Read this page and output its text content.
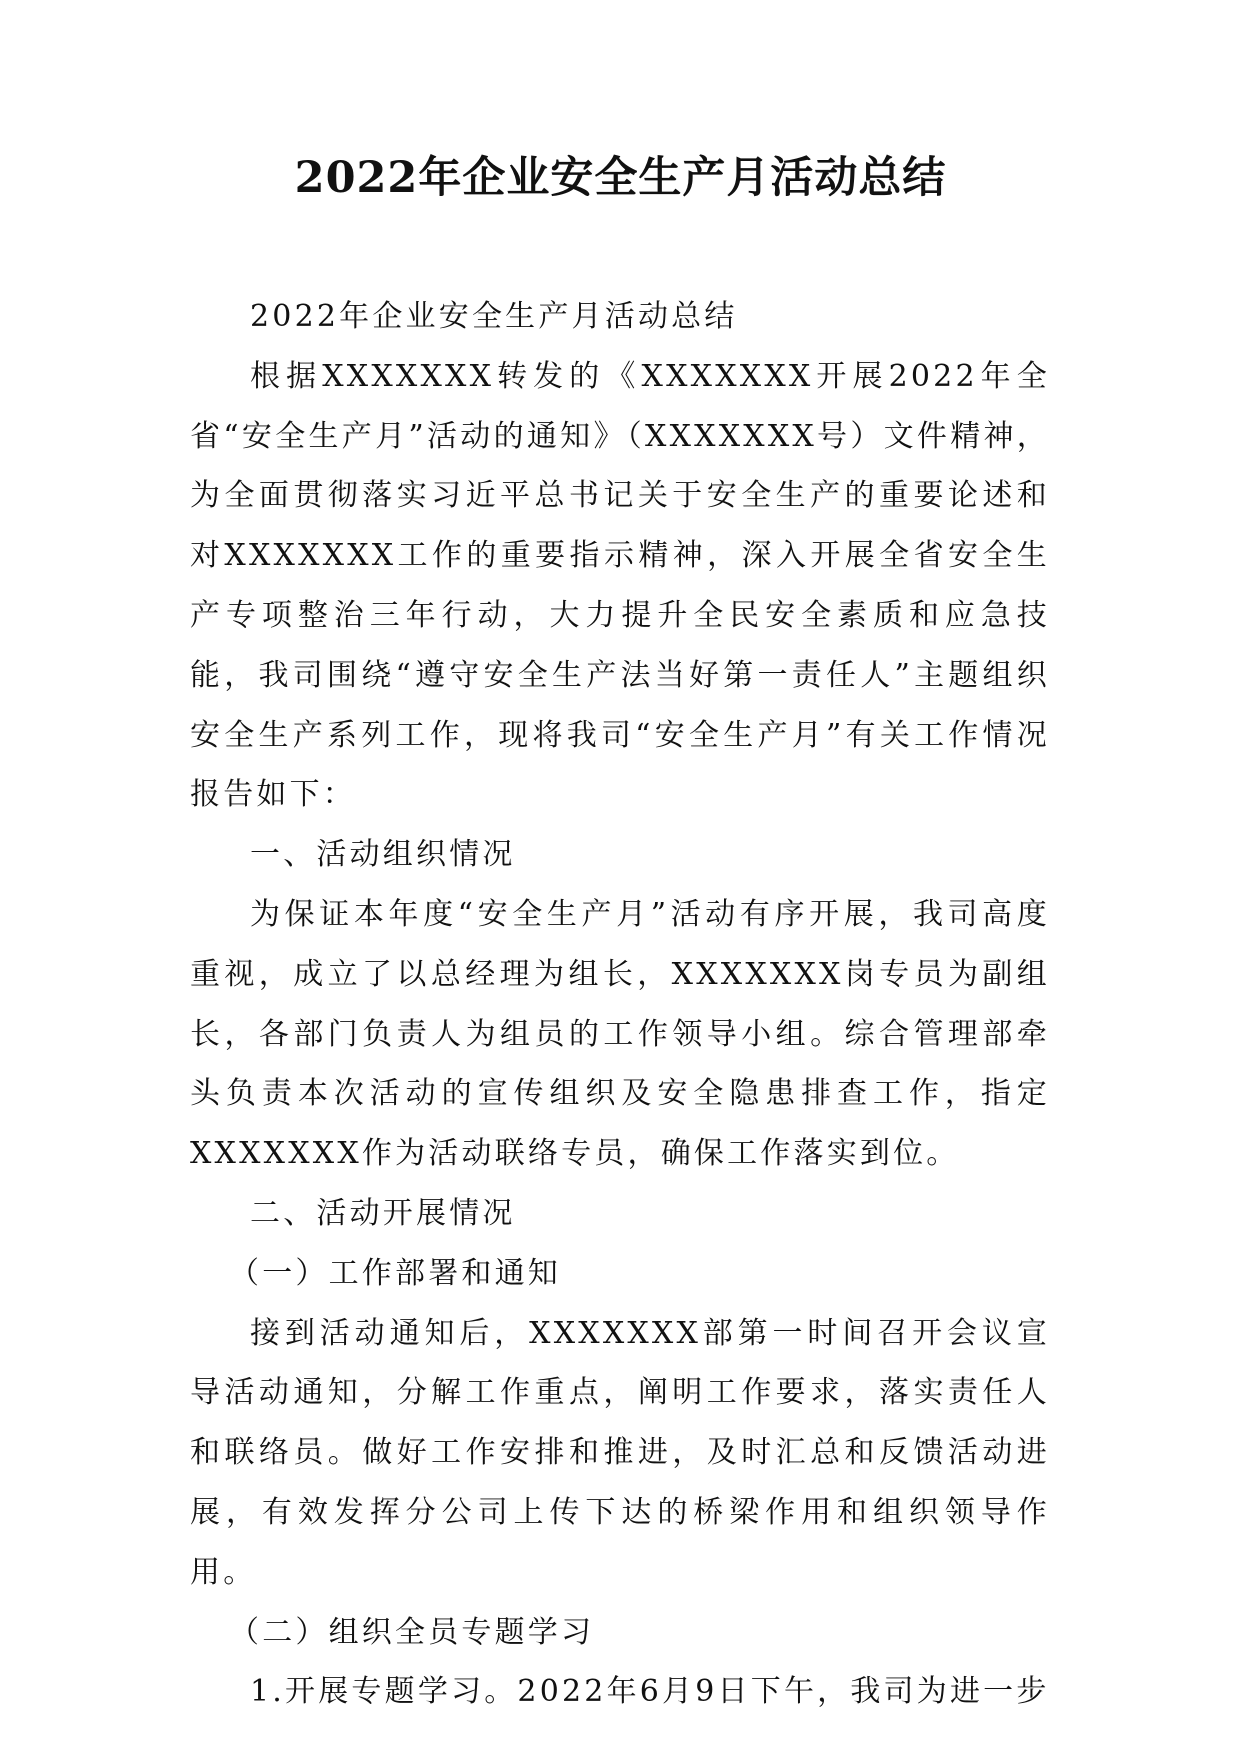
2022年企业安全生产月活动总结

2022年企业安全生产月活动总结

根据XXXXXXX转发的《XXXXXXX开展2022年全省“安全生产月”活动的通知》（XXXXXXX号）文件精神，为全面贯彻落实习近平总书记关于安全生产的重要论述和对XXXXXXX工作的重要指示精神，深入开展全省安全生产专项整治三年行动，大力提升全民安全素质和应急技能，我司围绕“遵守安全生产法当好第一责任人”主题组织安全生产系列工作，现将我司“安全生产月”有关工作情况报告如下：

一、活动组织情况

为保证本年度“安全生产月”活动有序开展，我司高度重视，成立了以总经理为组长，XXXXXXX岗专员为副组长，各部门负责人为组员的工作领导小组。综合管理部牵头负责本次活动的宣传组织及安全隐患排查工作，指定XXXXXXX作为活动联络专员，确保工作落实到位。

二、活动开展情况

（一）工作部署和通知

接到活动通知后，XXXXXXX部第一时间召开会议宣导活动通知，分解工作重点，阐明工作要求，落实责任人和联络员。做好工作安排和推进，及时汇总和反馈活动进展，有效发挥分公司上传下达的桥梁作用和组织领导作用。

（二）组织全员专题学习

1.开展专题学习。2022年6月9日下午，我司为进一步
